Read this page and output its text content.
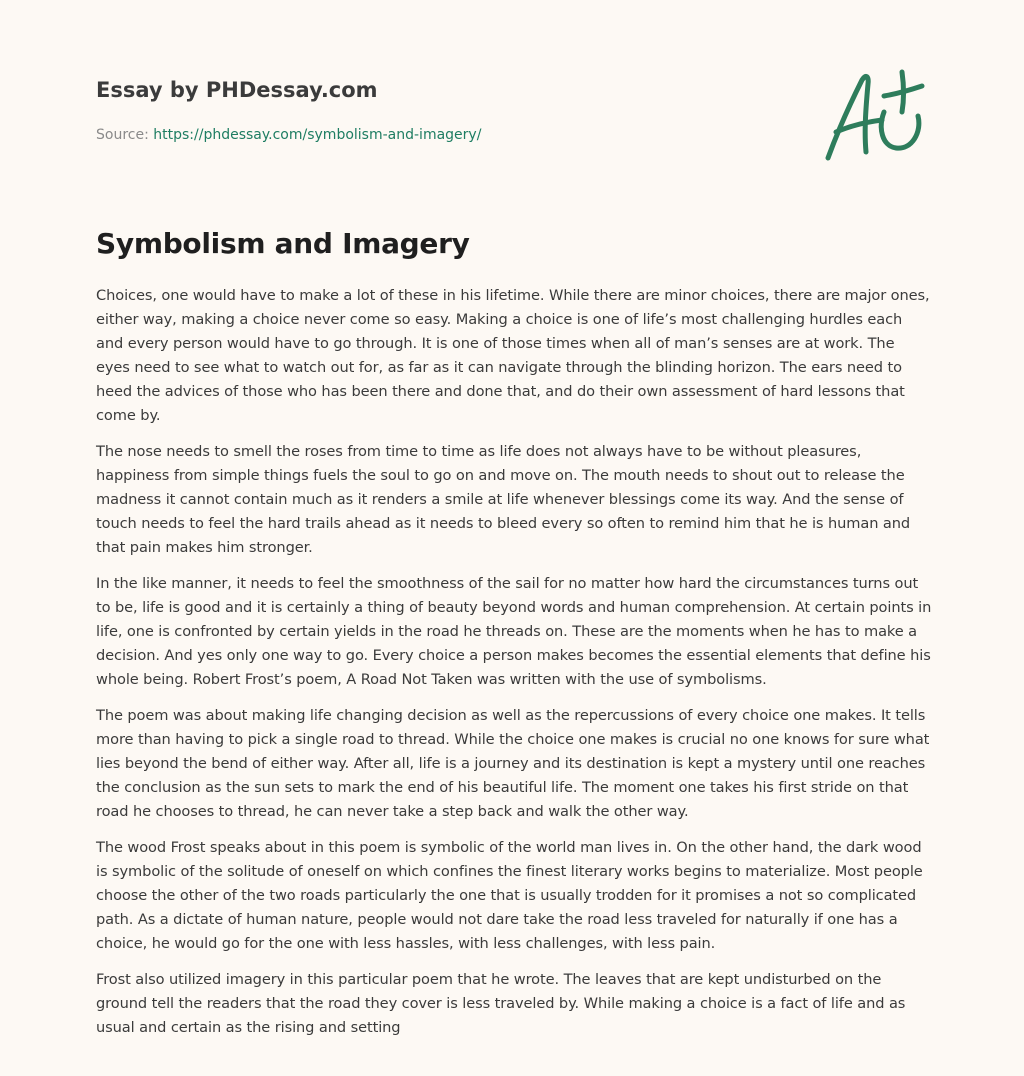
Essay by PHDessay.com
Source: https://phdessay.com/symbolism-and-imagery/
Symbolism and Imagery

Choices, one would have to make a lot of these in his lifetime. While there are minor choices, there are major ones, either way, making a choice never come so easy. Making a choice is one of life’s most challenging hurdles each and every person would have to go through. It is one of those times when all of man’s senses are at work. The eyes need to see what to watch out for, as far as it can navigate through the blinding horizon. The ears need to heed the advices of those who has been there and done that, and do their own assessment of hard lessons that come by.

The nose needs to smell the roses from time to time as life does not always have to be without pleasures, happiness from simple things fuels the soul to go on and move on. The mouth needs to shout out to release the madness it cannot contain much as it renders a smile at life whenever blessings come its way. And the sense of touch needs to feel the hard trails ahead as it needs to bleed every so often to remind him that he is human and that pain makes him stronger.

In the like manner, it needs to feel the smoothness of the sail for no matter how hard the circumstances turns out to be, life is good and it is certainly a thing of beauty beyond words and human comprehension. At certain points in life, one is confronted by certain yields in the road he threads on. These are the moments when he has to make a decision. And yes only one way to go. Every choice a person makes becomes the essential elements that define his whole being. Robert Frost’s poem, A Road Not Taken was written with the use of symbolisms.

The poem was about making life changing decision as well as the repercussions of every choice one makes. It tells more than having to pick a single road to thread. While the choice one makes is crucial no one knows for sure what lies beyond the bend of either way. After all, life is a journey and its destination is kept a mystery until one reaches the conclusion as the sun sets to mark the end of his beautiful life. The moment one takes his first stride on that road he chooses to thread, he can never take a step back and walk the other way.

The wood Frost speaks about in this poem is symbolic of the world man lives in. On the other hand, the dark wood is symbolic of the solitude of oneself on which confines the finest literary works begins to materialize. Most people choose the other of the two roads particularly the one that is usually trodden for it promises a not so complicated path. As a dictate of human nature, people would not dare take the road less traveled for naturally if one has a choice, he would go for the one with less hassles, with less challenges, with less pain.

Frost also utilized imagery in this particular poem that he wrote. The leaves that are kept undisturbed on the ground tell the readers that the road they cover is less traveled by. While making a choice is a fact of life and as usual and certain as the rising and setting
